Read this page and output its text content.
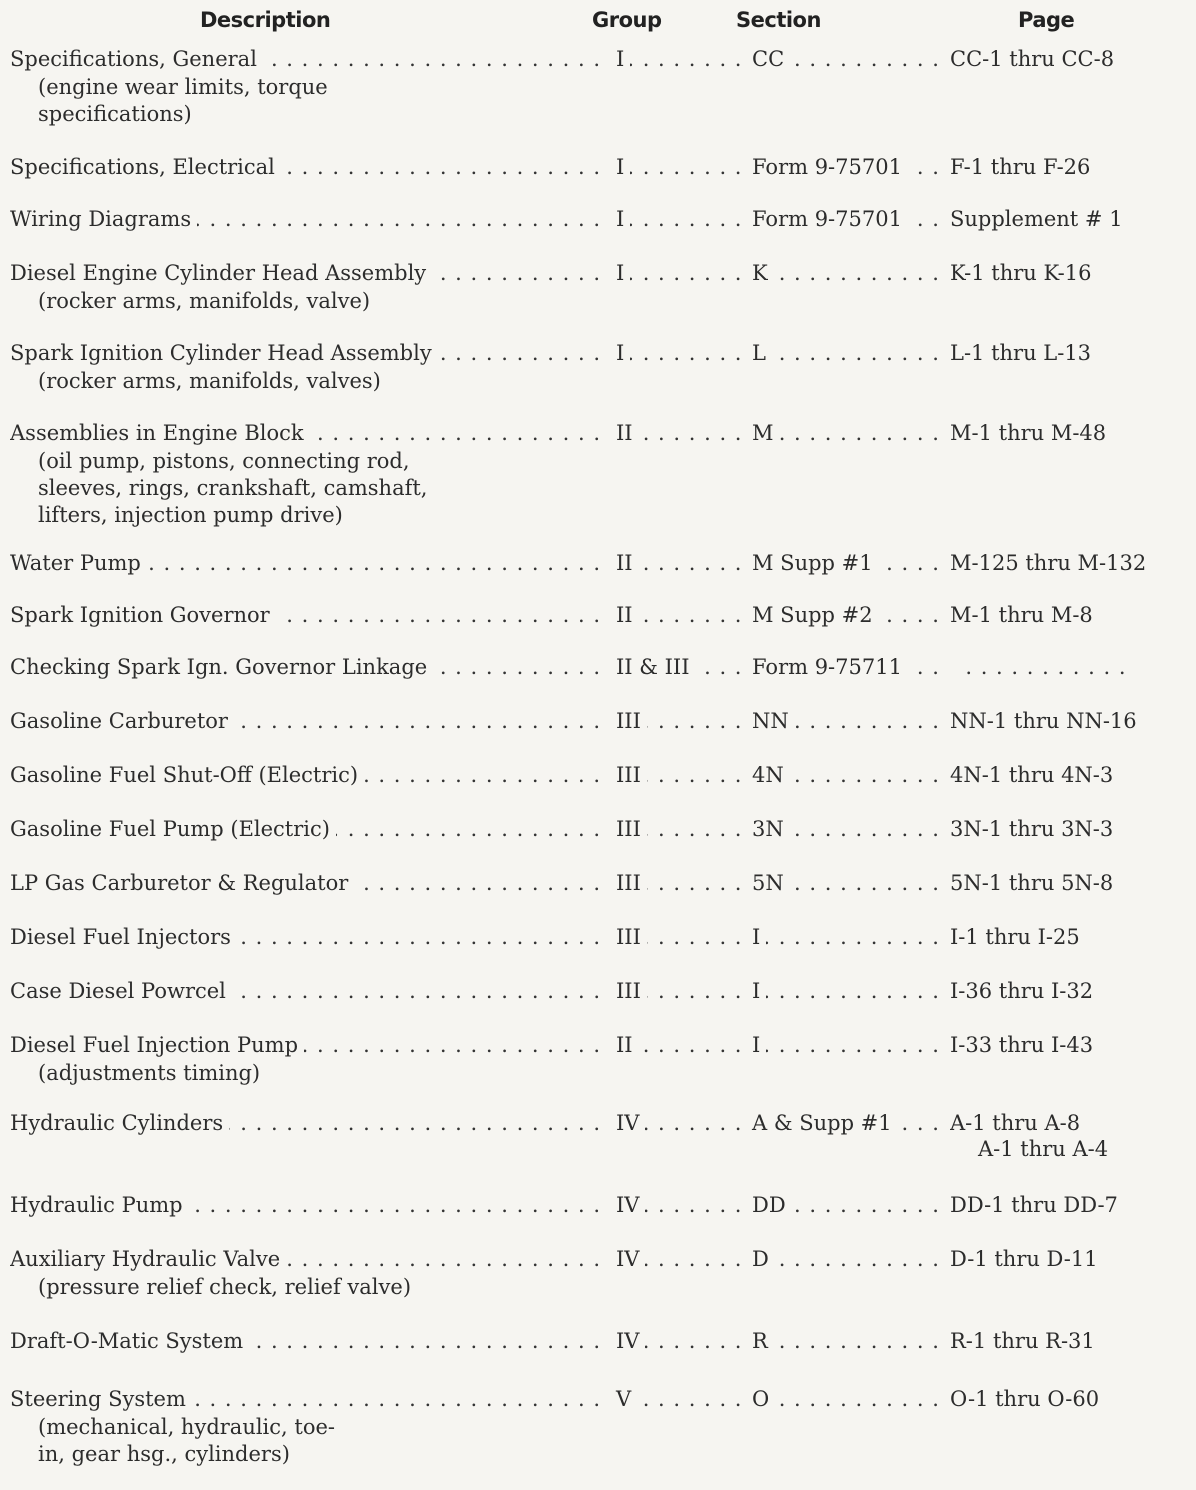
Description	Group	Section	Page
Specifications, General . . .	I . . .	CC . . .	CC-1 thru CC-8
(engine wear limits, torque
specifications)
Specifications, Electrical . . .	I . . .	Form 9-75701 . . .	F-1 thru F-26
Wiring Diagrams . . .	I . . .	Form 9-75701 . . .	Supplement # 1
Diesel Engine Cylinder Head Assembly . . .	I . . .	K . . .	K-1 thru K-16
(rocker arms, manifolds, valve)
Spark Ignition Cylinder Head Assembly . . .	I . . .	L . . .	L-1 thru L-13
(rocker arms, manifolds, valves)
Assemblies in Engine Block . . .	II . . .	M . . .	M-1 thru M-48
(oil pump, pistons, connecting rod,
sleeves, rings, crankshaft, camshaft,
lifters, injection pump drive)
Water Pump . . .	II . . .	M Supp #1 . . .	M-125 thru M-132
Spark Ignition Governor . . .	II . . .	M Supp #2 . . .	M-1 thru M-8
Checking Spark Ign. Governor Linkage . . .	II & III . . .	Form 9-75711 . . .
. . .
Gasoline Carburetor . . .	III . . .	NN . . .	NN-1 thru NN-16
Gasoline Fuel Shut-Off (Electric) . . .	III . . .	4N . . .	4N-1 thru 4N-3
Gasoline Fuel Pump (Electric) . . .	III . . .	3N . . .	3N-1 thru 3N-3
LP Gas Carburetor & Regulator . . .	III . . .	5N . . .	5N-1 thru 5N-8
Diesel Fuel Injectors . . .	III . . .	I . . .	I-1 thru I-25
Case Diesel Powrcel . . .	III . . .	I . . .	I-36 thru I-32
Diesel Fuel Injection Pump . . .	II . . .	I . . .	I-33 thru I-43
(adjustments timing)
Hydraulic Cylinders . . .	IV . . .	A & Supp #1 . . .	A-1 thru A-8
A-1 thru A-4
Hydraulic Pump . . .	IV . . .	DD . . .	DD-1 thru DD-7
Auxiliary Hydraulic Valve . . .	IV . . .	D . . .	D-1 thru D-11
(pressure relief check, relief valve)
Draft-O-Matic System . . .	IV . . .	R . . .	R-1 thru R-31
Steering System . . .	V . . .	O . . .	O-1 thru O-60
(mechanical, hydraulic, toe-
in, gear hsg., cylinders)
